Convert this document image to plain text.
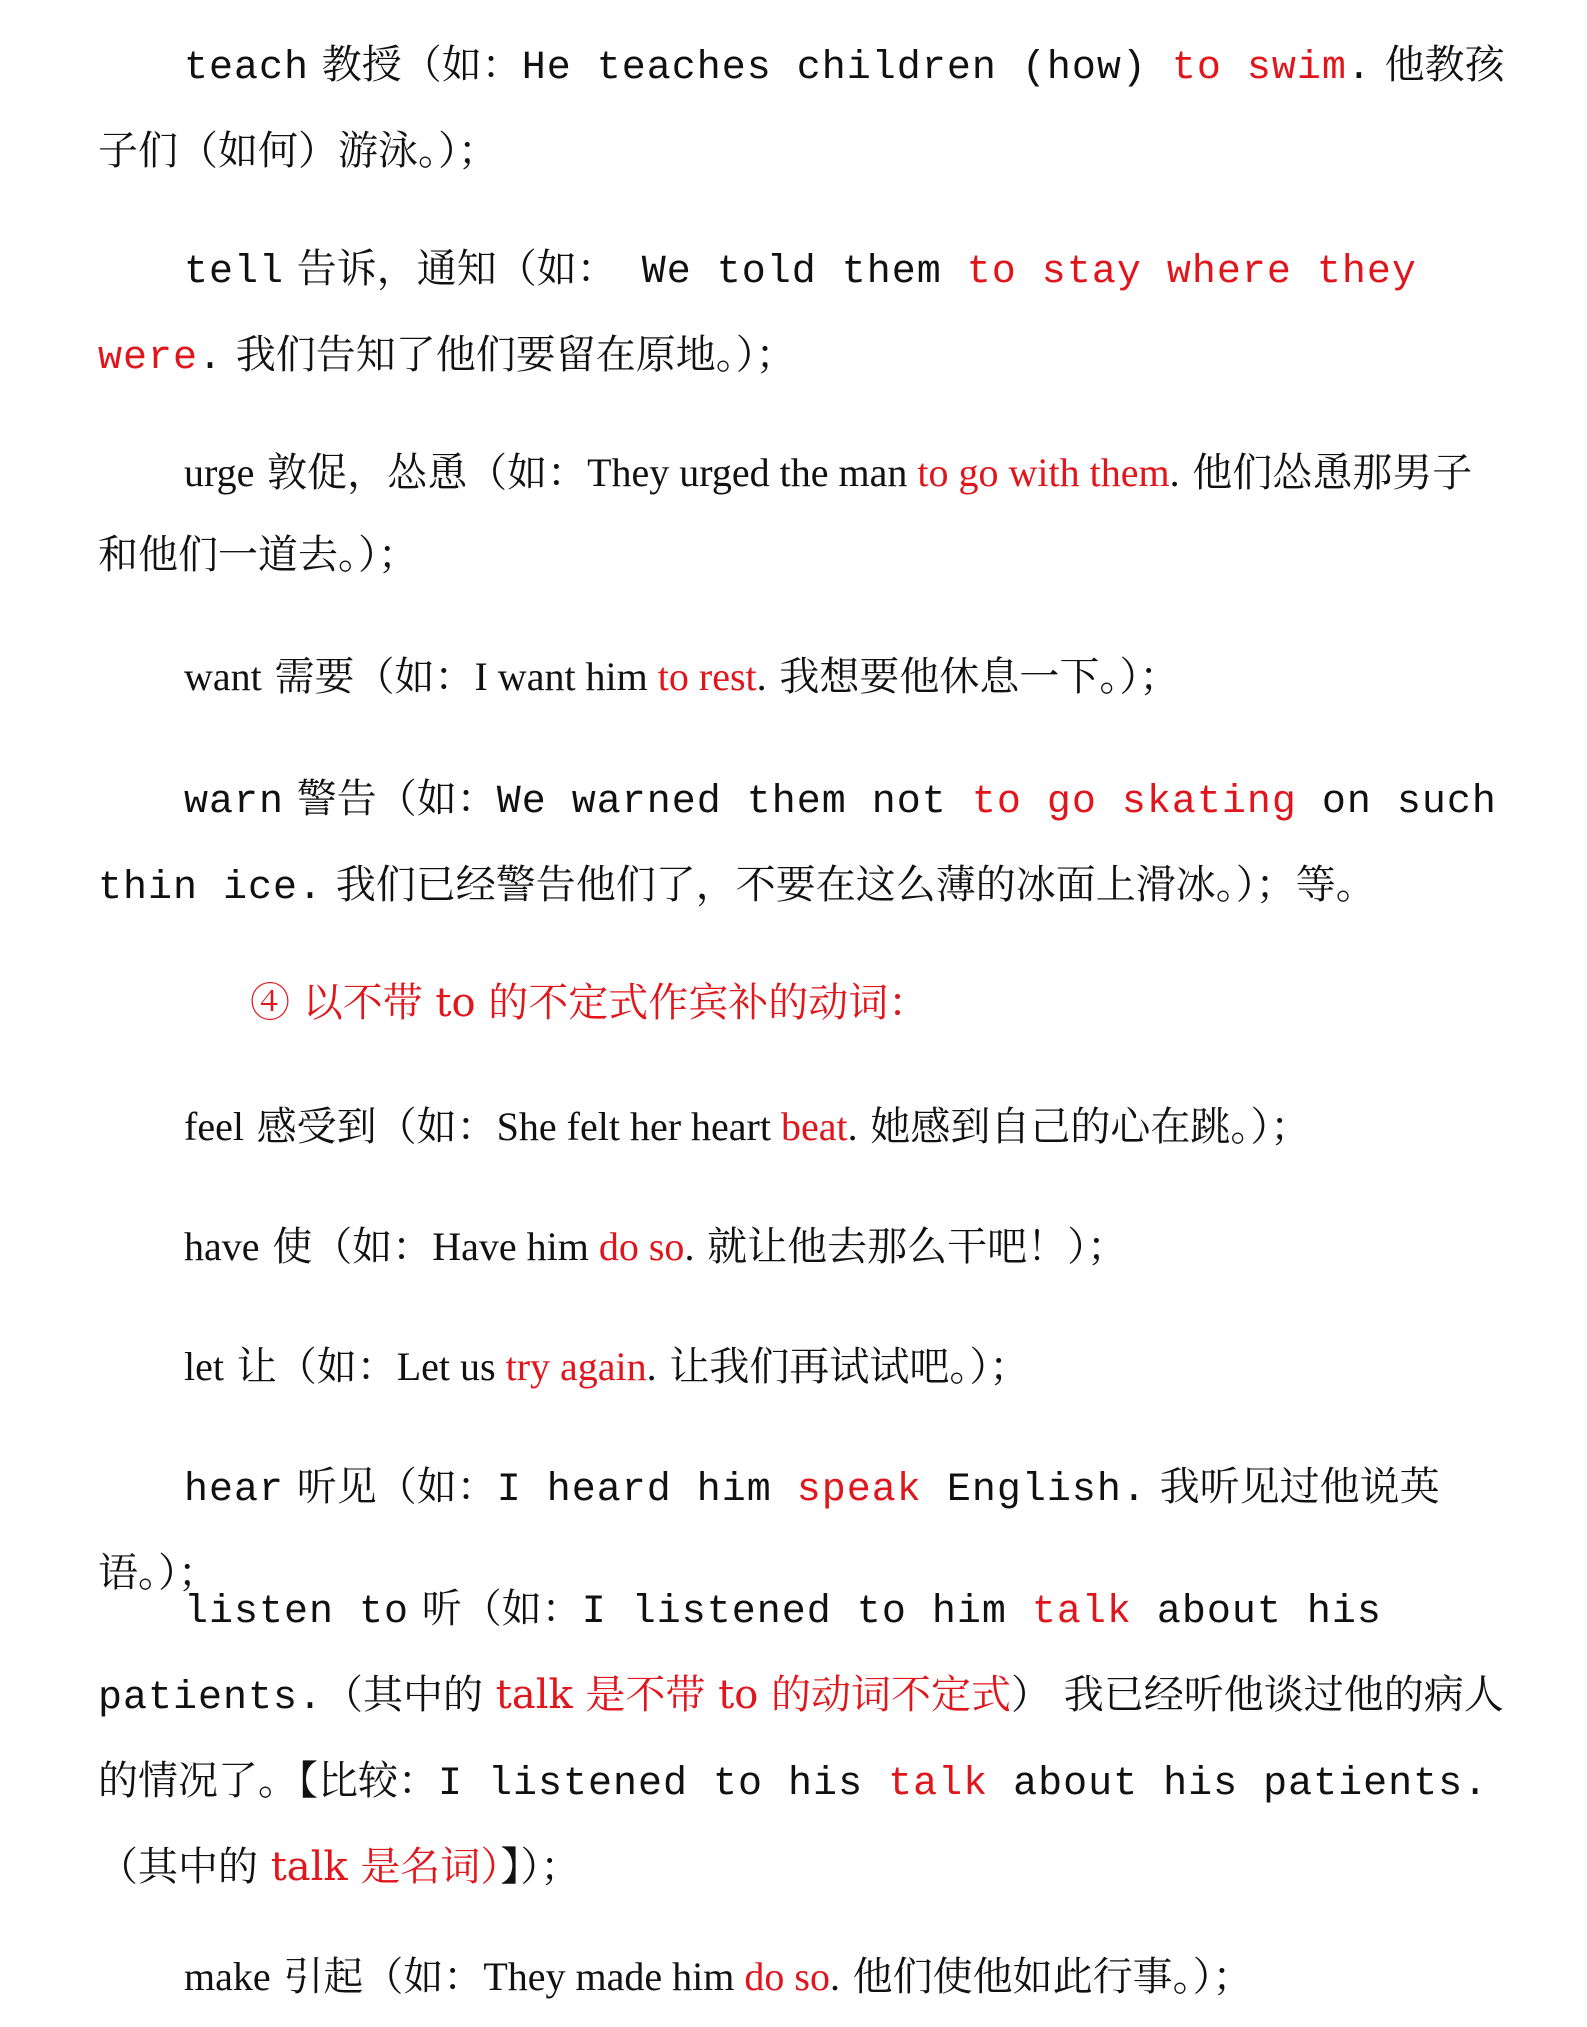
teach 教授（如：He teaches children (how) to swim. 他教孩子们（如何）游泳。）；

tell 告诉，通知（如： We told them to stay where they were. 我们告知了他们要留在原地。）；

urge 敦促，怂恿（如：They urged the man to go with them. 他们怂恿那男子和他们一道去。）；

want 需要（如：I want him to rest. 我想要他休息一下。）；

warn 警告（如：We warned them not to go skating on such thin ice. 我们已经警告他们了，不要在这么薄的冰面上滑冰。）；等。

④ 以不带 to 的不定式作宾补的动词：

feel 感受到（如：She felt her heart beat. 她感到自己的心在跳。）；

have 使（如：Have him do so. 就让他去那么干吧！）；

let 让（如：Let us try again. 让我们再试试吧。）；

hear 听见（如：I heard him speak English. 我听见过他说英语。）；

listen to 听（如：I listened to him talk about his patients.（其中的 talk 是不带 to 的动词不定式） 我已经听他谈过他的病人的情况了。【比较：I listened to his talk about his patients.（其中的 talk 是名词）】）；

make 引起（如：They made him do so. 他们使他如此行事。）；
